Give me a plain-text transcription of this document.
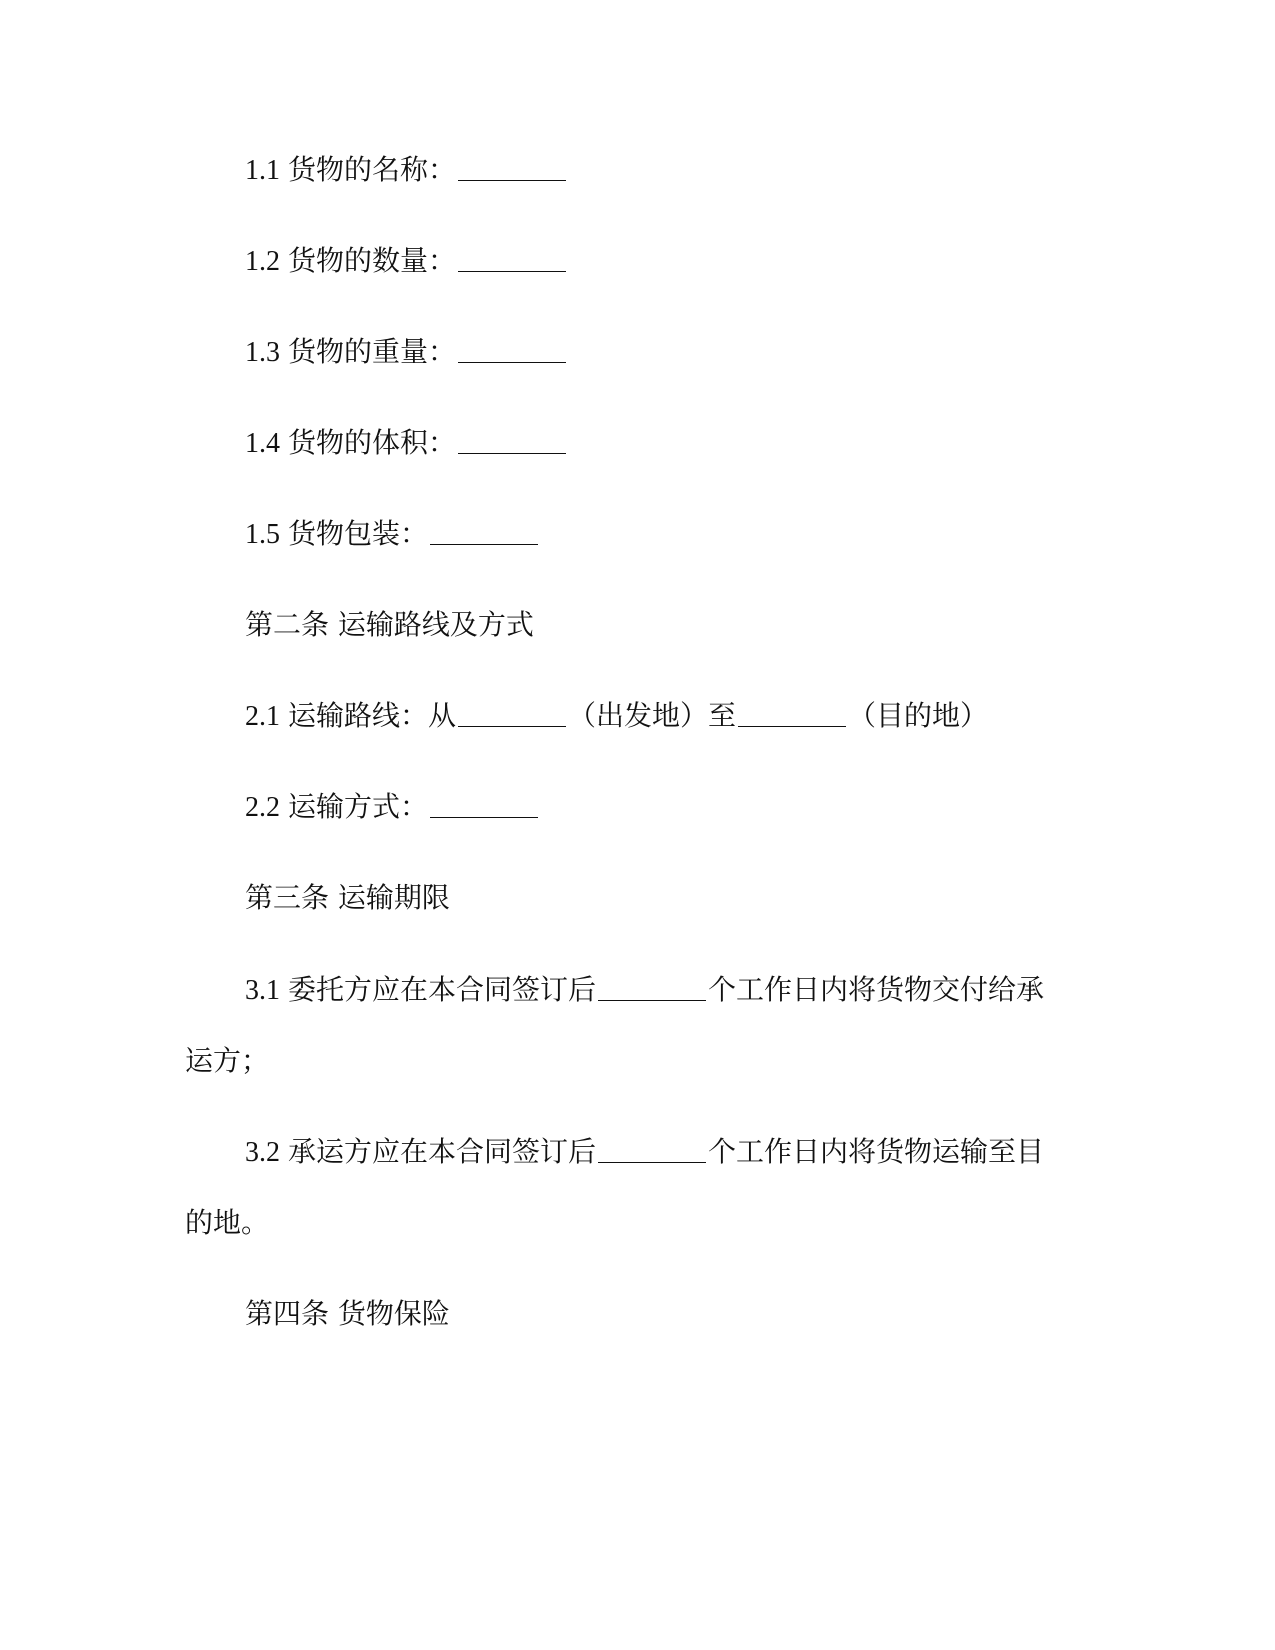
1.1 货物的名称：
1.2 货物的数量：
1.3 货物的重量：
1.4 货物的体积：
1.5 货物包装：
第二条 运输路线及方式
2.1 运输路线：从	（出发地）至	（目的地）
2.2 运输方式：
第三条 运输期限
3.1 委托方应在本合同签订后	个工作日内将货物交付给承
运方；
3.2 承运方应在本合同签订后	个工作日内将货物运输至目
的地。
第四条 货物保险
